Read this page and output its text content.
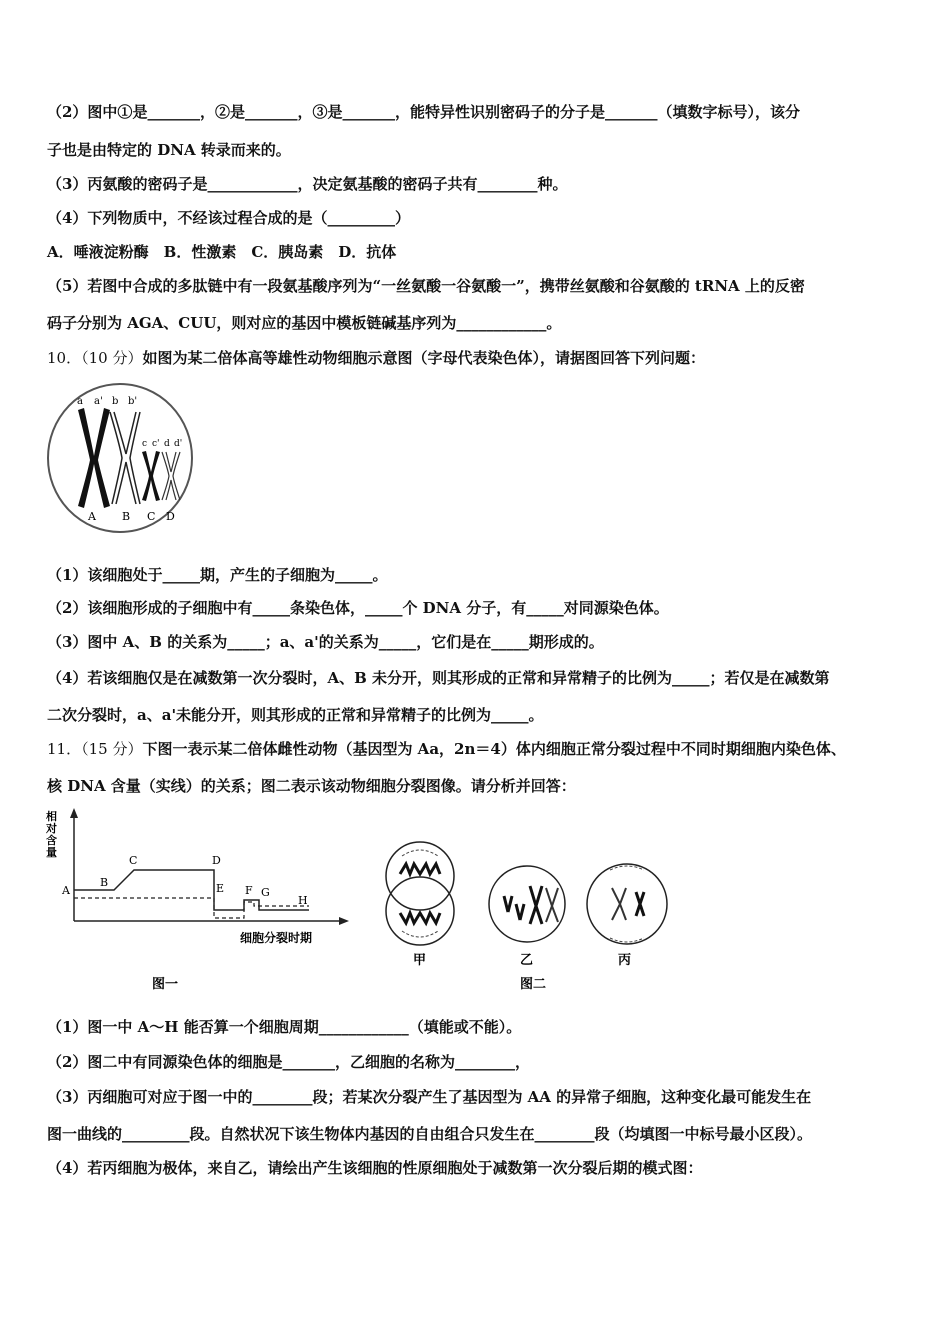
（2）图中①是_______，②是_______，③是_______，能特异性识别密码子的分子是_______（填数字标号），该分
子也是由特定的 DNA 转录而来的。
（3）丙氨酸的密码子是____________，决定氨基酸的密码子共有________种。
（4）下列物质中，不经该过程合成的是（_________）
A．唾液淀粉酶　B．性激素　C．胰岛素　D．抗体
（5）若图中合成的多肽链中有一段氨基酸序列为“一丝氨酸一谷氨酸一”，携带丝氨酸和谷氨酸的 tRNA 上的反密
码子分别为 AGA、CUU，则对应的基因中模板链碱基序列为____________。
10．（10 分）如图为某二倍体高等雄性动物细胞示意图（字母代表染色体），请据图回答下列问题：
a a' b b'
c c' d d'
A B C D
（1）该细胞处于_____期，产生的子细胞为_____。
（2）该细胞形成的子细胞中有_____条染色体，_____个 DNA 分子，有_____对同源染色体。
（3）图中 A、B 的关系为_____；a、a'的关系为_____，它们是在_____期形成的。
（4）若该细胞仅是在减数第一次分裂时，A、B 未分开，则其形成的正常和异常精子的比例为_____；若仅是在减数第
二次分裂时，a、a'未能分开，则其形成的正常和异常精子的比例为_____。
11．（15 分）下图一表示某二倍体雌性动物（基因型为 Aa，2n＝4）体内细胞正常分裂过程中不同时期细胞内染色体、
核 DNA 含量（实线）的关系；图二表示该动物细胞分裂图像。请分析并回答：
相
对
含
量
A
B
C	D
E F G
H
细胞分裂时期
图一
甲	乙	丙
图二
（1）图一中 A～H 能否算一个细胞周期____________（填能或不能）。
（2）图二中有同源染色体的细胞是_______，乙细胞的名称为________，
（3）丙细胞可对应于图一中的________段；若某次分裂产生了基因型为 AA 的异常子细胞，这种变化最可能发生在
图一曲线的_________段。自然状况下该生物体内基因的自由组合只发生在________段（均填图一中标号最小区段）。
（4）若丙细胞为极体，来自乙，请绘出产生该细胞的性原细胞处于减数第一次分裂后期的模式图：
